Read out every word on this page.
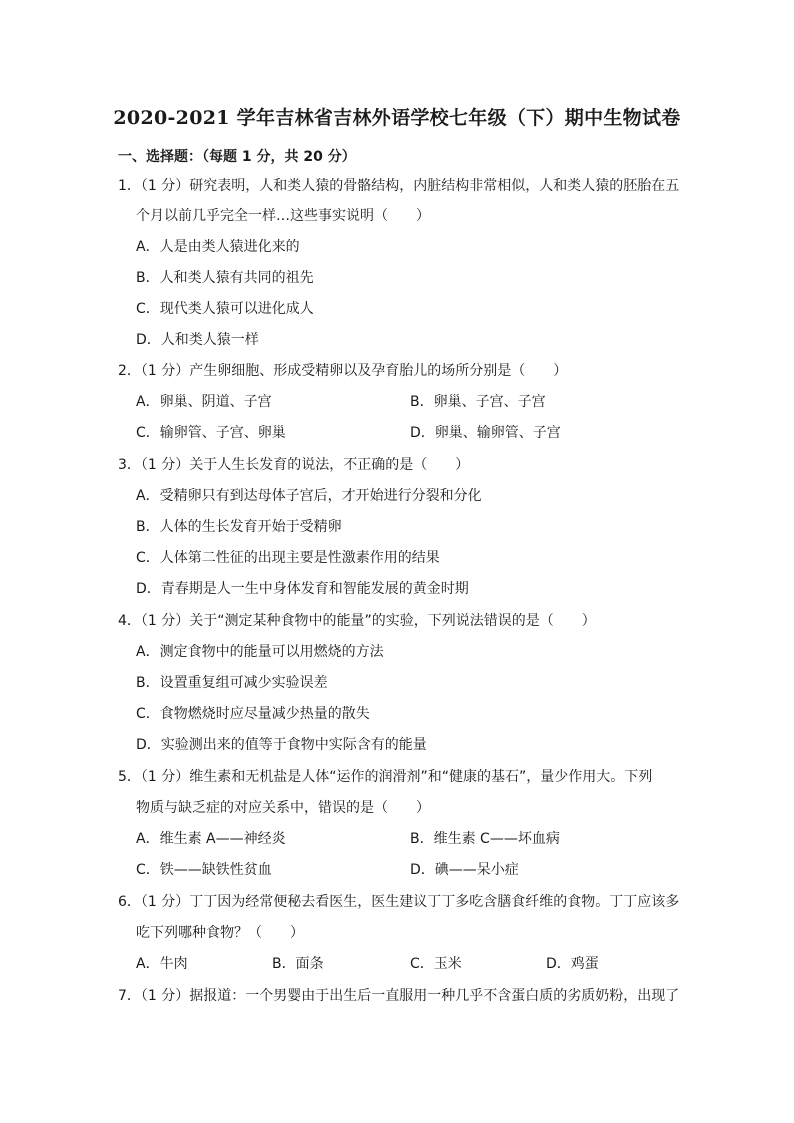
2020-2021 学年吉林省吉林外语学校七年级（下）期中生物试卷
一、选择题：（每题 1 分，共 20 分）
1．（1 分）研究表明，人和类人猿的骨骼结构，内脏结构非常相似，人和类人猿的胚胎在五
个月以前几乎完全一样…这些事实说明（　　）
A．人是由类人猿进化来的
B．人和类人猿有共同的祖先
C．现代类人猿可以进化成人
D．人和类人猿一样
2．（1 分）产生卵细胞、形成受精卵以及孕育胎儿的场所分别是（　　）
A．卵巢、阴道、子宫	B．卵巢、子宫、子宫
C．输卵管、子宫、卵巢	D．卵巢、输卵管、子宫
3．（1 分）关于人生长发育的说法，不正确的是（　　）
A．受精卵只有到达母体子宫后，才开始进行分裂和分化
B．人体的生长发育开始于受精卵
C．人体第二性征的出现主要是性激素作用的结果
D．青春期是人一生中身体发育和智能发展的黄金时期
4．（1 分）关于“测定某种食物中的能量”的实验，下列说法错误的是（　　）
A．测定食物中的能量可以用燃烧的方法
B．设置重复组可减少实验误差
C．食物燃烧时应尽量减少热量的散失
D．实验测出来的值等于食物中实际含有的能量
5．（1 分）维生素和无机盐是人体“运作的润滑剂”和“健康的基石”，量少作用大。下列
物质与缺乏症的对应关系中，错误的是（　　）
A．维生素 A——神经炎	B．维生素 C——坏血病
C．铁——缺铁性贫血	D．碘——呆小症
6．（1 分）丁丁因为经常便秘去看医生，医生建议丁丁多吃含膳食纤维的食物。丁丁应该多
吃下列哪种食物？（　　）
A．牛肉	B．面条	C．玉米	D．鸡蛋
7．（1 分）据报道：一个男婴由于出生后一直服用一种几乎不含蛋白质的劣质奶粉，出现了
